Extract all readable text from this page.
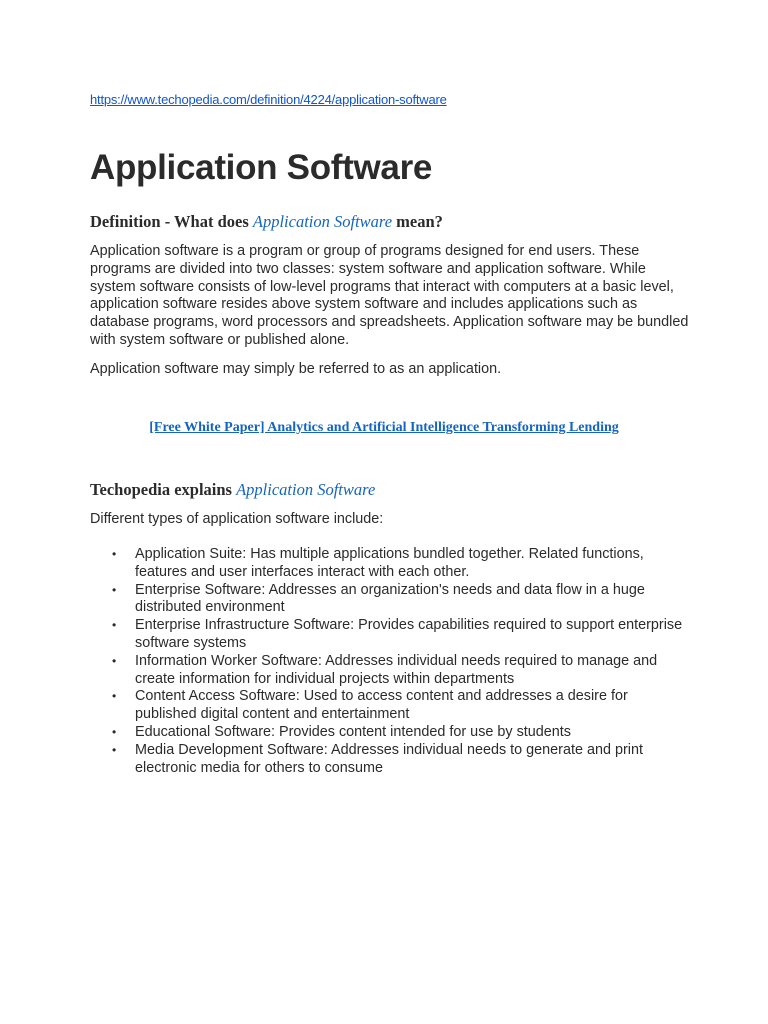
https://www.techopedia.com/definition/4224/application-software
Application Software
Definition - What does Application Software mean?

Application software is a program or group of programs designed for end users. These programs are divided into two classes: system software and application software. While system software consists of low-level programs that interact with computers at a basic level, application software resides above system software and includes applications such as database programs, word processors and spreadsheets. Application software may be bundled with system software or published alone.

Application software may simply be referred to as an application.

[Free White Paper] Analytics and Artificial Intelligence Transforming Lending
Techopedia explains Application Software

Different types of application software include:

• Application Suite: Has multiple applications bundled together. Related functions, features and user interfaces interact with each other.
• Enterprise Software: Addresses an organization's needs and data flow in a huge distributed environment
• Enterprise Infrastructure Software: Provides capabilities required to support enterprise software systems
• Information Worker Software: Addresses individual needs required to manage and create information for individual projects within departments
• Content Access Software: Used to access content and addresses a desire for published digital content and entertainment
• Educational Software: Provides content intended for use by students
• Media Development Software: Addresses individual needs to generate and print electronic media for others to consume
